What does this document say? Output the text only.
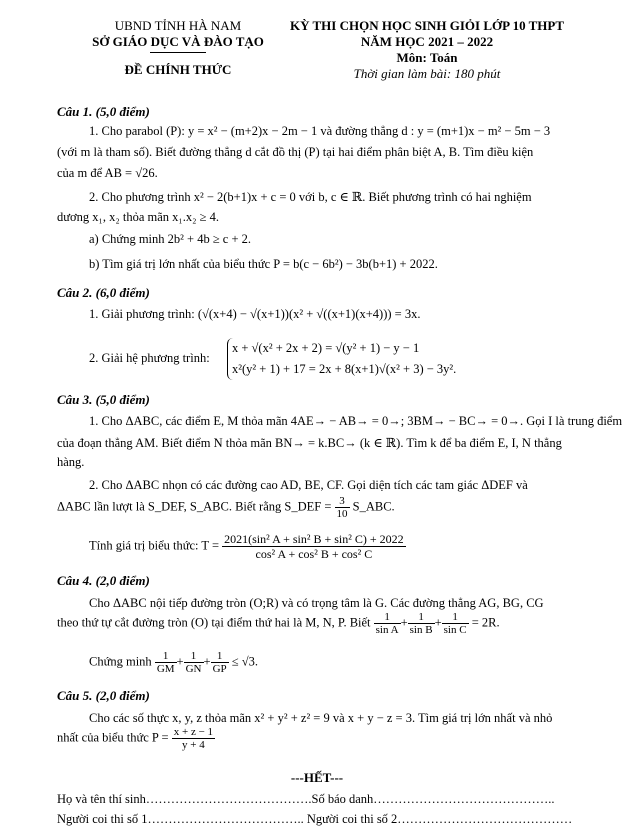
UBND TỈNH HÀ NAM
SỞ GIÁO DỤC VÀ ĐÀO TẠO
ĐỀ CHÍNH THỨC
KỲ THI CHỌN HỌC SINH GIỎI LỚP 10 THPT
NĂM HỌC 2021 – 2022
Môn: Toán
Thời gian làm bài: 180 phút
Câu 1. (5,0 điểm)
1. Cho parabol (P): y = x² − (m+2)x − 2m − 1 và đường thẳng d : y = (m+1)x − m² − 5m − 3
(với m là tham số). Biết đường thẳng d cắt đồ thị (P) tại hai điểm phân biệt A, B. Tìm điều kiện
của m để AB = √26.
2. Cho phương trình x² − 2(b+1)x + c = 0 với b, c ∈ ℝ. Biết phương trình có hai nghiệm
dương x₁, x₂ thỏa mãn x₁.x₂ ≥ 4.
a) Chứng minh 2b² + 4b ≥ c + 2.
b) Tìm giá trị lớn nhất của biểu thức P = b(c − 6b²) − 3b(b+1) + 2022.
Câu 2. (6,0 điểm)
1. Giải phương trình: (√(x+4) − √(x+1))(x² + √((x+1)(x+4))) = 3x.
2. Giải hệ phương trình:
x + √(x² + 2x + 2) = √(y² + 1) − y − 1
x²(y² + 1) + 17 = 2x + 8(x+1)√(x² + 3) − 3y².
Câu 3. (5,0 điểm)
1. Cho ΔABC, các điểm E, M thỏa mãn 4AE→ − AB→ = 0→; 3BM→ − BC→ = 0→. Gọi I là trung điểm
của đoạn thẳng AM. Biết điểm N thỏa mãn BN→ = k.BC→ (k ∈ ℝ). Tìm k để ba điểm E, I, N thẳng
hàng.
2. Cho ΔABC nhọn có các đường cao AD, BE, CF. Gọi diện tích các tam giác ΔDEF và
ΔABC lần lượt là S_DEF, S_ABC. Biết rằng S_DEF = $\frac{3}{10}$ S_ABC.
Tính giá trị biểu thức: $T = \frac{\text{2021(sin² A + sin² B + sin² C) + 2022}}{\text{cos² A + cos² B + cos² C}}$
Câu 4. (2,0 điểm)
Cho ΔABC nội tiếp đường tròn (O;R) và có trọng tâm là G. Các đường thẳng AG, BG, CG
theo thứ tự cắt đường tròn (O) tại điểm thứ hai là M, N, P. Biết $\frac{1}{\text{sin A}} + \frac{1}{\text{sin B}} + \frac{1}{\text{sin C}} = 2R$.
Chứng minh $\frac{1}{GM} + \frac{1}{GN} + \frac{1}{GP} \le √3$.
Câu 5. (2,0 điểm)
Cho các số thực x, y, z thỏa mãn x² + y² + z² = 9 và x + y − z = 3. Tìm giá trị lớn nhất và nhỏ
nhất của biểu thức $P = \frac{x + z - 1}{y + 4}$
---HẾT---
Họ và tên thí sinh………………………………….Số báo danh……………………………………..
Người coi thi số 1……………………………….. Người coi thi số 2……………………………………
